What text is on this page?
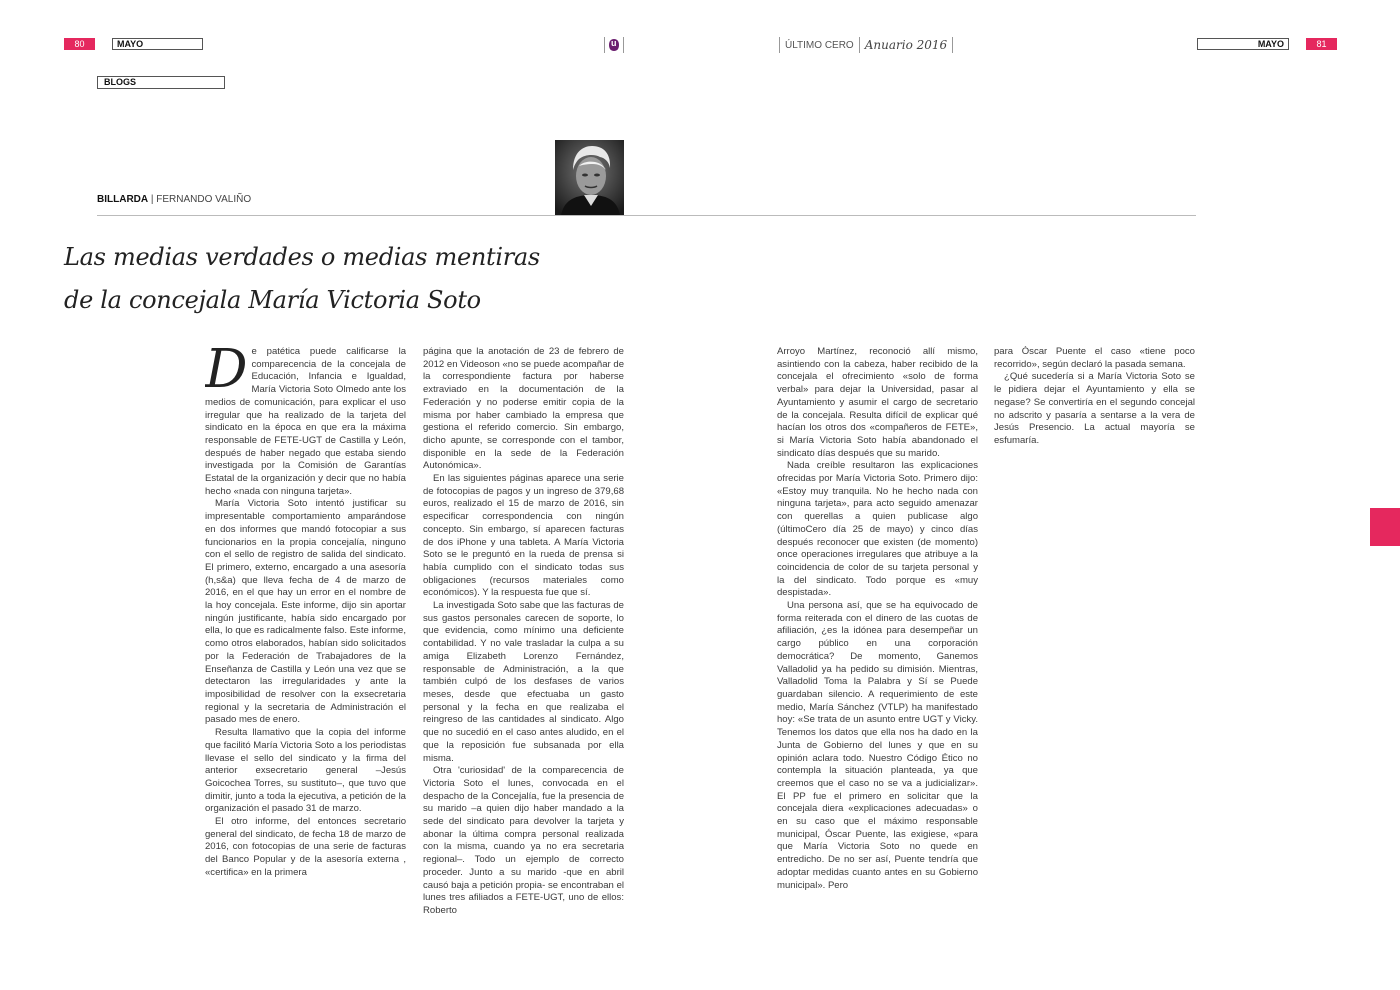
80	MAYO	u	ÚLTIMO CERO Anuario 2016	MAYO	81
BLOGS
BILLARDA | FERNANDO VALIÑO
Las medias verdades o medias mentiras
de la concejala María Victoria Soto

De patética puede calificarse la comparecencia de la concejala de Educación, Infancia e Igualdad, María Victoria Soto Olmedo ante los medios de comunicación, para explicar el uso irregular que ha realizado de la tarjeta del sindicato en la época en que era la máxima responsable de FETE-UGT de Castilla y León, después de haber negado que estaba siendo investigada por la Comisión de Garantías Estatal de la organización y decir que no había hecho «nada con ninguna tarjeta».

María Victoria Soto intentó justificar su impresentable comportamiento amparándose en dos informes que mandó fotocopiar a sus funcionarios en la propia concejalía, ninguno con el sello de registro de salida del sindicato. El primero, externo, encargado a una asesoría (h,s&a) que lleva fecha de 4 de marzo de 2016, en el que hay un error en el nombre de la hoy concejala. Este informe, dijo sin aportar ningún justificante, había sido encargado por ella, lo que es radicalmente falso. Este informe, como otros elaborados, habían sido solicitados por la Federación de Trabajadores de la Enseñanza de Castilla y León una vez que se detectaron las irregularidades y ante la imposibilidad de resolver con la exsecretaria regional y la secretaria de Administración el pasado mes de enero.

Resulta llamativo que la copia del informe que facilitó María Victoria Soto a los periodistas llevase el sello del sindicato y la firma del anterior exsecretario general –Jesús Goicochea Torres, su sustituto–, que tuvo que dimitir, junto a toda la ejecutiva, a petición de la organización el pasado 31 de marzo.

El otro informe, del entonces secretario general del sindicato, de fecha 18 de marzo de 2016, con fotocopias de una serie de facturas del Banco Popular y de la asesoría externa , «certifica» en la primera

página que la anotación de 23 de febrero de 2012 en Videoson «no se puede acompañar de la correspondiente factura por haberse extraviado en la documentación de la Federación y no poderse emitir copia de la misma por haber cambiado la empresa que gestiona el referido comercio. Sin embargo, dicho apunte, se corresponde con el tambor, disponible en la sede de la Federación Autonómica».

En las siguientes páginas aparece una serie de fotocopias de pagos y un ingreso de 379,68 euros, realizado el 15 de marzo de 2016, sin especificar correspondencia con ningún concepto. Sin embargo, sí aparecen facturas de dos iPhone y una tableta. A María Victoria Soto se le preguntó en la rueda de prensa si había cumplido con el sindicato todas sus obligaciones (recursos materiales como económicos). Y la respuesta fue que sí.

La investigada Soto sabe que las facturas de sus gastos personales carecen de soporte, lo que evidencia, como mínimo una deficiente contabilidad. Y no vale trasladar la culpa a su amiga Elizabeth Lorenzo Fernández, responsable de Administración, a la que también culpó de los desfases de varios meses, desde que efectuaba un gasto personal y la fecha en que realizaba el reingreso de las cantidades al sindicato. Algo que no sucedió en el caso antes aludido, en el que la reposición fue subsanada por ella misma.

Otra 'curiosidad' de la comparecencia de Victoria Soto el lunes, convocada en el despacho de la Concejalía, fue la presencia de su marido –a quien dijo haber mandado a la sede del sindicato para devolver la tarjeta y abonar la última compra personal realizada con la misma, cuando ya no era secretaria regional–. Todo un ejemplo de correcto proceder. Junto a su marido -que en abril causó baja a petición propia- se encontraban el lunes tres afiliados a FETE-UGT, uno de ellos: Roberto

Arroyo Martínez, reconoció allí mismo, asintiendo con la cabeza, haber recibido de la concejala el ofrecimiento «solo de forma verbal» para dejar la Universidad, pasar al Ayuntamiento y asumir el cargo de secretario de la concejala. Resulta difícil de explicar qué hacían los otros dos «compañeros de FETE», si María Victoria Soto había abandonado el sindicato días después que su marido.

Nada creíble resultaron las explicaciones ofrecidas por María Victoria Soto. Primero dijo: «Estoy muy tranquila. No he hecho nada con ninguna tarjeta», para acto seguido amenazar con querellas a quien publicase algo (últimoCero día 25 de mayo) y cinco días después reconocer que existen (de momento) once operaciones irregulares que atribuye a la coincidencia de color de su tarjeta personal y la del sindicato. Todo porque es «muy despistada».

Una persona así, que se ha equivocado de forma reiterada con el dinero de las cuotas de afiliación, ¿es la idónea para desempeñar un cargo público en una corporación democrática? De momento, Ganemos Valladolid ya ha pedido su dimisión. Mientras, Valladolid Toma la Palabra y Sí se Puede guardaban silencio. A requerimiento de este medio, María Sánchez (VTLP) ha manifestado hoy: «Se trata de un asunto entre UGT y Vicky. Tenemos los datos que ella nos ha dado en la Junta de Gobierno del lunes y que en su opinión aclara todo. Nuestro Código Ético no contempla la situación planteada, ya que creemos que el caso no se va a judicializar». El PP fue el primero en solicitar que la concejala diera «explicaciones adecuadas» o en su caso que el máximo responsable municipal, Óscar Puente, las exigiese, «para que María Victoria Soto no quede en entredicho. De no ser así, Puente tendría que adoptar medidas cuanto antes en su Gobierno municipal». Pero

para Óscar Puente el caso «tiene poco recorrido», según declaró la pasada semana.

¿Qué sucedería si a María Victoria Soto se le pidiera dejar el Ayuntamiento y ella se negase? Se convertiría en el segundo concejal no adscrito y pasaría a sentarse a la vera de Jesús Presencio. La actual mayoría se esfumaría.
